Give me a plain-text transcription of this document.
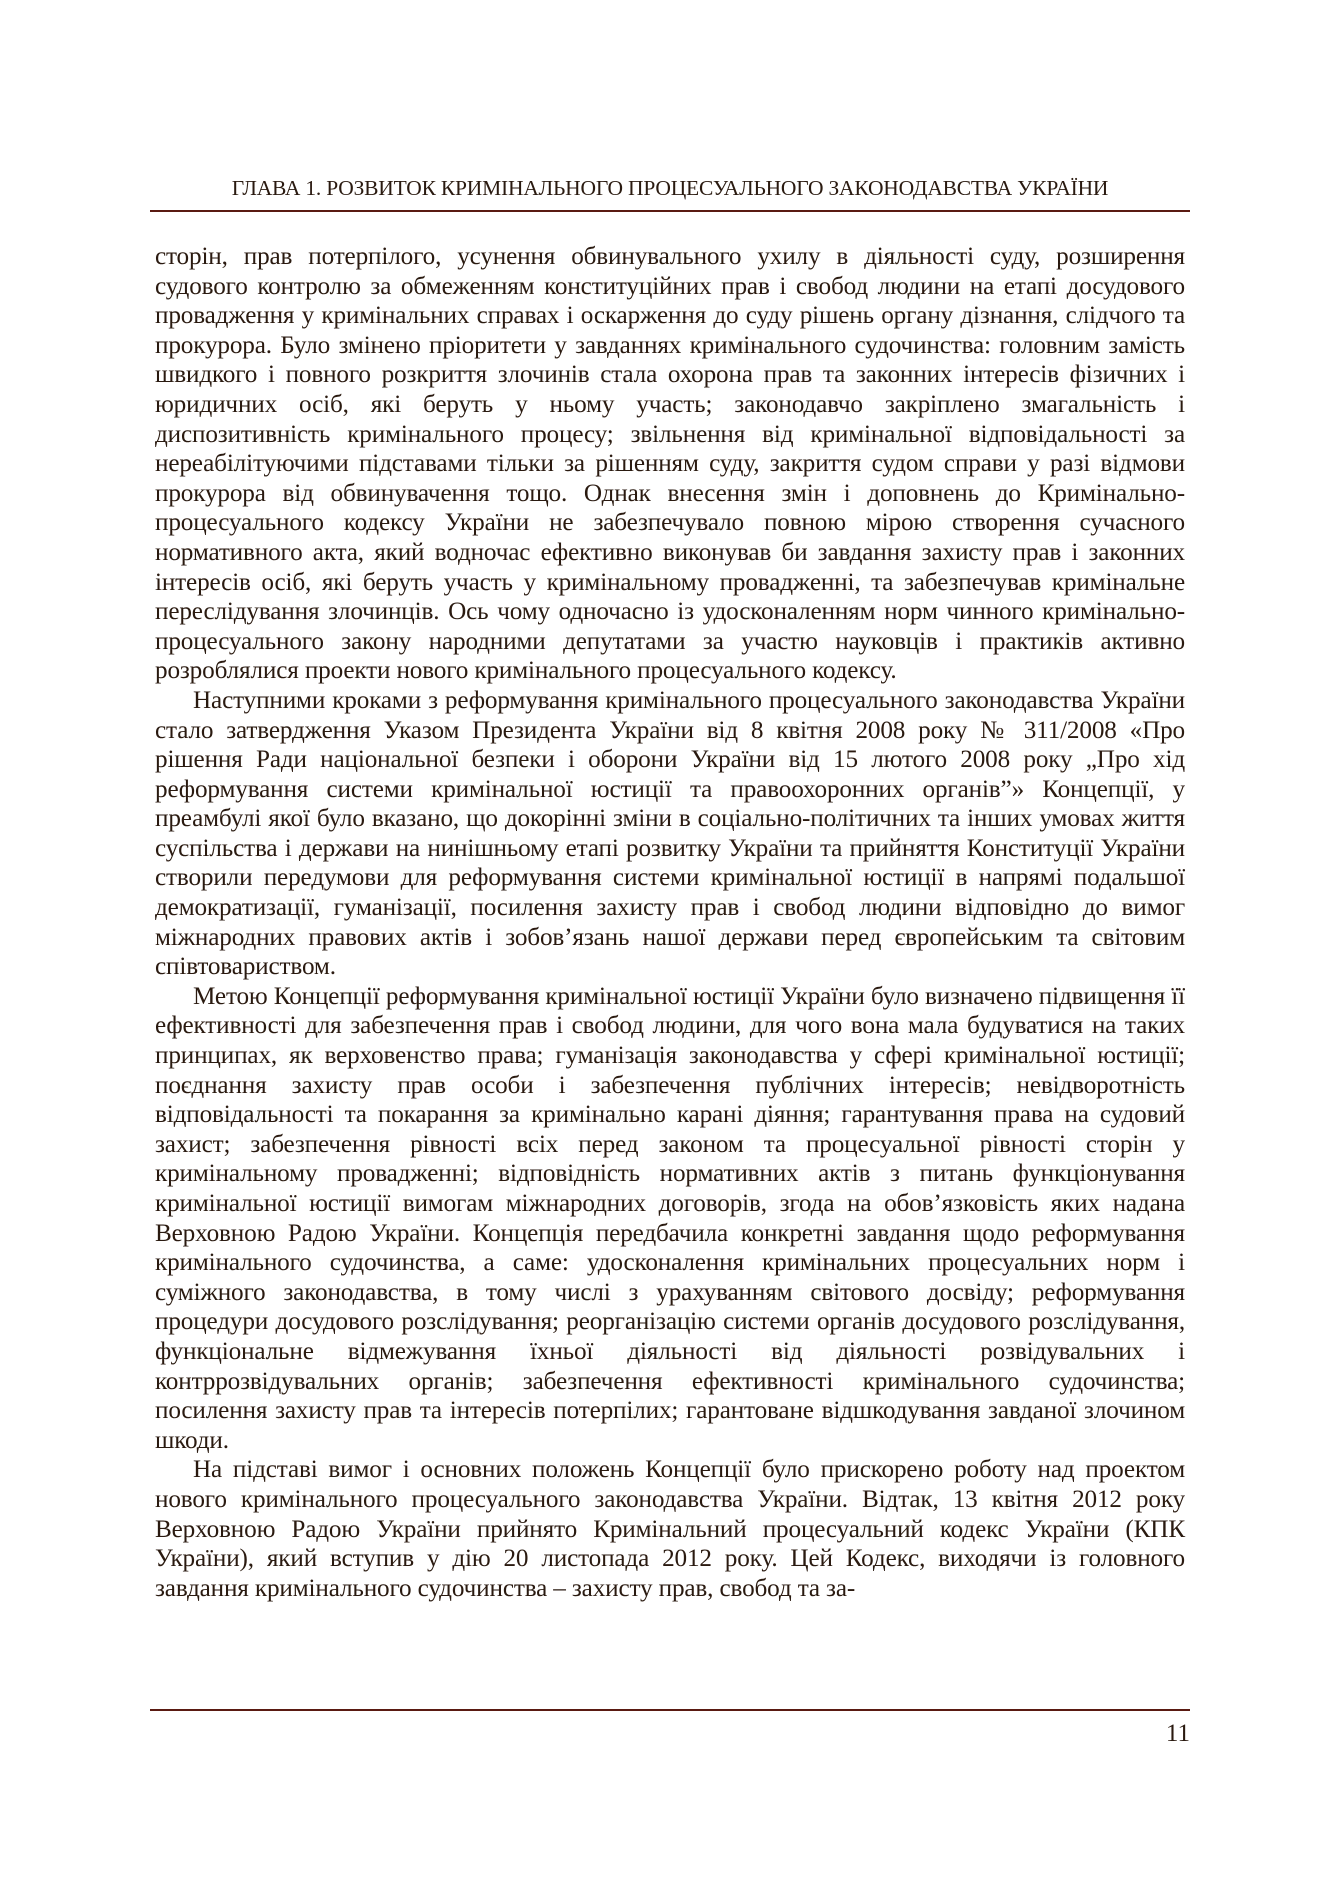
ГЛАВА 1. РОЗВИТОК КРИМІНАЛЬНОГО ПРОЦЕСУАЛЬНОГО ЗАКОНОДАВСТВА УКРАЇНИ

сторін, прав потерпілого, усунення обвинувального ухилу в діяльності суду, розширення судового контролю за обмеженням конституційних прав і свобод людини на етапі досудового провадження у кримінальних справах і оскарження до суду рішень органу дізнання, слідчого та прокурора. Було змінено пріоритети у завданнях кримінального судочинства: головним замість швидкого і повного розкриття злочинів стала охорона прав та законних інтересів фізичних і юридичних осіб, які беруть у ньому участь; законодавчо закріплено змагальність і диспозитивність кримінального процесу; звільнення від кримінальної відповідальності за нереабілітуючими підставами тільки за рішенням суду, закриття судом справи у разі відмови прокурора від обвинувачення тощо. Однак внесення змін і доповнень до Кримінально-процесуального кодексу України не забезпечувало повною мірою створення сучасного нормативного акта, який водночас ефективно виконував би завдання захисту прав і законних інтересів осіб, які беруть участь у кримінальному провадженні, та забезпечував кримінальне переслідування злочинців. Ось чому одночасно із удосконаленням норм чинного кримінально-процесуального закону народними депутатами за участю науковців і практиків активно розроблялися проекти нового кримінального процесуального кодексу.

Наступними кроками з реформування кримінального процесуального законодавства України стало затвердження Указом Президента України від 8 квітня 2008 року № 311/2008 «Про рішення Ради національної безпеки і оборони України від 15 лютого 2008 року „Про хід реформування системи кримінальної юстиції та правоохоронних органів”» Концепції, у преамбулі якої було вказано, що докорінні зміни в соціально-політичних та інших умовах життя суспільства і держави на нинішньому етапі розвитку України та прийняття Конституції України створили передумови для реформування системи кримінальної юстиції в напрямі подальшої демократизації, гуманізації, посилення захисту прав і свобод людини відповідно до вимог міжнародних правових актів і зобов’язань нашої держави перед європейським та світовим співтовариством.

Метою Концепції реформування кримінальної юстиції України було визначено підвищення її ефективності для забезпечення прав і свобод людини, для чого вона мала будуватися на таких принципах, як верховенство права; гуманізація законодавства у сфері кримінальної юстиції; поєднання захисту прав особи і забезпечення публічних інтересів; невідворотність відповідальності та покарання за кримінально карані діяння; гарантування права на судовий захист; забезпечення рівності всіх перед законом та процесуальної рівності сторін у кримінальному провадженні; відповідність нормативних актів з питань функціонування кримінальної юстиції вимогам міжнародних договорів, згода на обов’язковість яких надана Верховною Радою України. Концепція передбачила конкретні завдання щодо реформування кримінального судочинства, а саме: удосконалення кримінальних процесуальних норм і суміжного законодавства, в тому числі з урахуванням світового досвіду; реформування процедури досудового розслідування; реорганізацію системи органів досудового розслідування, функціональне відмежування їхньої діяльності від діяльності розвідувальних і контррозвідувальних органів; забезпечення ефективності кримінального судочинства; посилення захисту прав та інтересів потерпілих; гарантоване відшкодування завданої злочином шкоди.

На підставі вимог і основних положень Концепції було прискорено роботу над проектом нового кримінального процесуального законодавства України. Відтак, 13 квітня 2012 року Верховною Радою України прийнято Кримінальний процесуальний кодекс України (КПК України), який вступив у дію 20 листопада 2012 року. Цей Кодекс, виходячи із головного завдання кримінального судочинства – захисту прав, свобод та за-

11
